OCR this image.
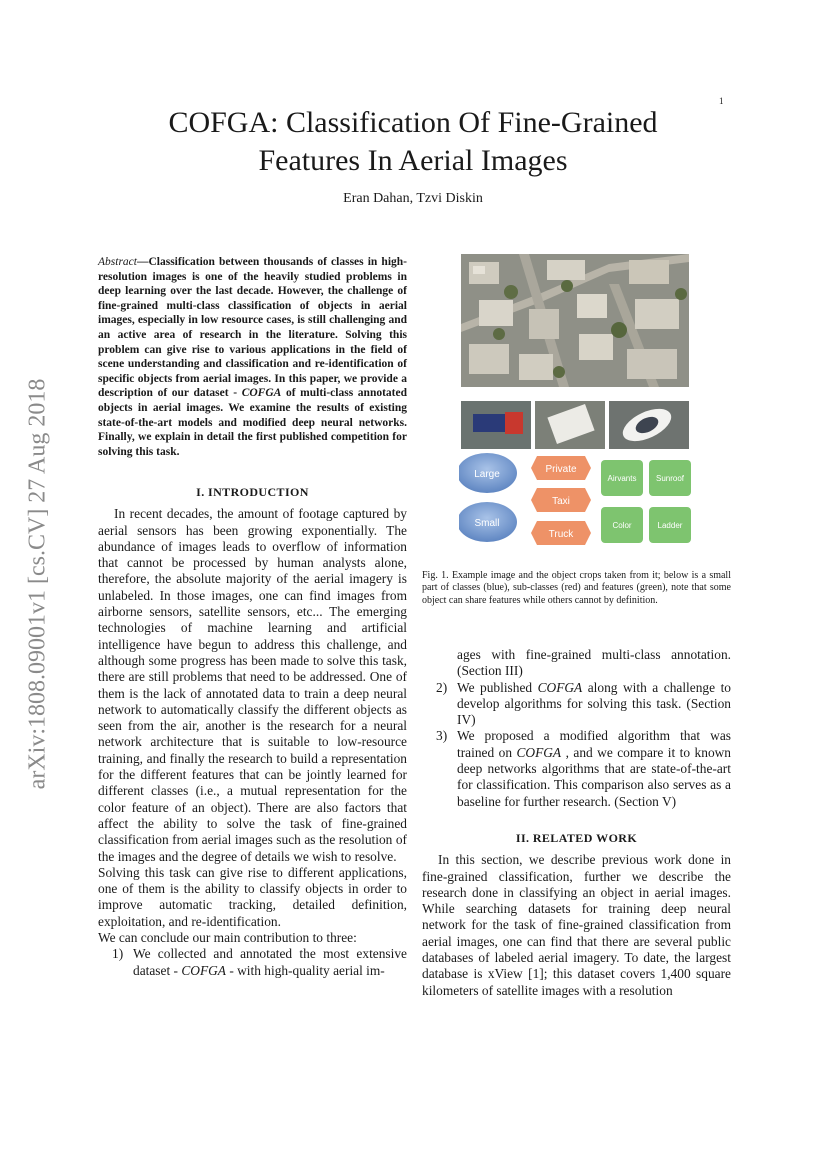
1
arXiv:1808.09001v1 [cs.CV] 27 Aug 2018
COFGA: Classification Of Fine-Grained
Features In Aerial Images
Eran Dahan, Tzvi Diskin
Abstract—Classification between thousands of classes in high-resolution images is one of the heavily studied problems in deep learning over the last decade. However, the challenge of fine-grained multi-class classification of objects in aerial images, especially in low resource cases, is still challenging and an active area of research in the literature. Solving this problem can give rise to various applications in the field of scene understanding and classification and re-identification of specific objects from aerial images. In this paper, we provide a description of our dataset - COFGA of multi-class annotated objects in aerial images. We examine the results of existing state-of-the-art models and modified deep neural networks. Finally, we explain in detail the first published competition for solving this task.
I. INTRODUCTION

In recent decades, the amount of footage captured by aerial sensors has been growing exponentially. The abundance of images leads to overflow of information that cannot be processed by human analysts alone, therefore, the absolute majority of the aerial imagery is unlabeled. In those images, one can find images from airborne sensors, satellite sensors, etc... The emerging technologies of machine learning and artificial intelligence have begun to address this challenge, and although some progress has been made to solve this task, there are still problems that need to be addressed. One of them is the lack of annotated data to train a deep neural network to automatically classify the different objects as seen from the air, another is the research for a neural network architecture that is suitable to low-resource training, and finally the research to build a representation for the different features that can be jointly learned for different classes (i.e., a mutual representation for the color feature of an object). There are also factors that affect the ability to solve the task of fine-grained classification from aerial images such as the resolution of the images and the degree of details we wish to resolve.

Solving this task can give rise to different applications, one of them is the ability to classify objects in order to improve automatic tracking, detailed definition, exploitation, and re-identification.

We can conclude our main contribution to three:

1) We collected and annotated the most extensive dataset - COFGA - with high-quality aerial im-
Large
Small
Private
Taxi
Truck
Airvants Sunroof
Color	Ladder
Fig. 1. Example image and the object crops taken from it; below is a small part of classes (blue), sub-classes (red) and features (green), note that some object can share features while others cannot by definition.
ages with fine-grained multi-class annotation. (Section III)
2) We published COFGA along with a challenge to develop algorithms for solving this task. (Section IV)
3) We proposed a modified algorithm that was trained on COFGA , and we compare it to known deep networks algorithms that are state-of-the-art for classification. This comparison also serves as a baseline for further research. (Section V)
II. RELATED WORK

In this section, we describe previous work done in fine-grained classification, further we describe the research done in classifying an object in aerial images. While searching datasets for training deep neural network for the task of fine-grained classification from aerial images, one can find that there are several public databases of labeled aerial imagery. To date, the largest database is xView [1]; this dataset covers 1,400 square kilometers of satellite images with a resolution
